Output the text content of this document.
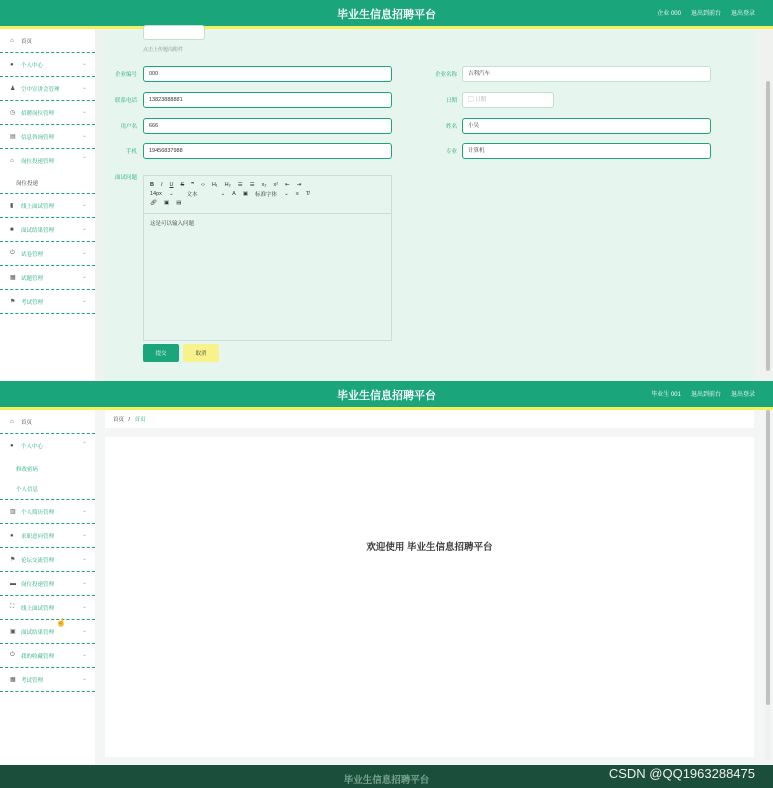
毕业生信息招聘平台	企业 000 退出到前台 退出登录
⌂	首页
●	个人中心	⌄
♟	空中宣讲会管理	⌄
◷	招聘岗位管理	⌄
▤ 信息咨询管理	⌄
⌂	岗位投递管理	⌃
岗位投递
▮	线上面试管理	⌄
■	面试结果管理	⌄
⏻	试卷管理	⌄
▦ 试题管理	⌄
⚑	考试管理	⌄
点击上传题岗附件
企业编号	000	企业名称	吉利汽车
联系电话	13823888881	日期	▢ 日期
用户名	666	姓名	小吴
手机	19456837988	专业	计算机
面试问题
B I U S ❞ ‹› H₁ H₂ ☰ ☰ x₂ x² ⇤ ⇥
14px ⌄ 文本	⌄ A ▣ 标准字体 ⌄ ≡ T̸
🔗︎ ▣ ▤
这是可以输入问题
提交	取消
毕业生信息招聘平台	毕业生 001 退出到前台 退出登录
⌂	首页
●	个人中心	⌃
修改密码
个人信息
▥ 个人简历管理	⌄
●	求职意向管理	⌄
⚑	论坛交流管理	⌄
▬ 岗位投递管理	⌄
⛶	线上面试管理	⌄
▣ 面试结果管理	⌄
⏻	我的收藏管理	⌄
▦ 考试管理	⌄
首页 / 首页
欢迎使用 毕业生信息招聘平台
☝
毕业生信息招聘平台	CSDN @QQ1963288475
